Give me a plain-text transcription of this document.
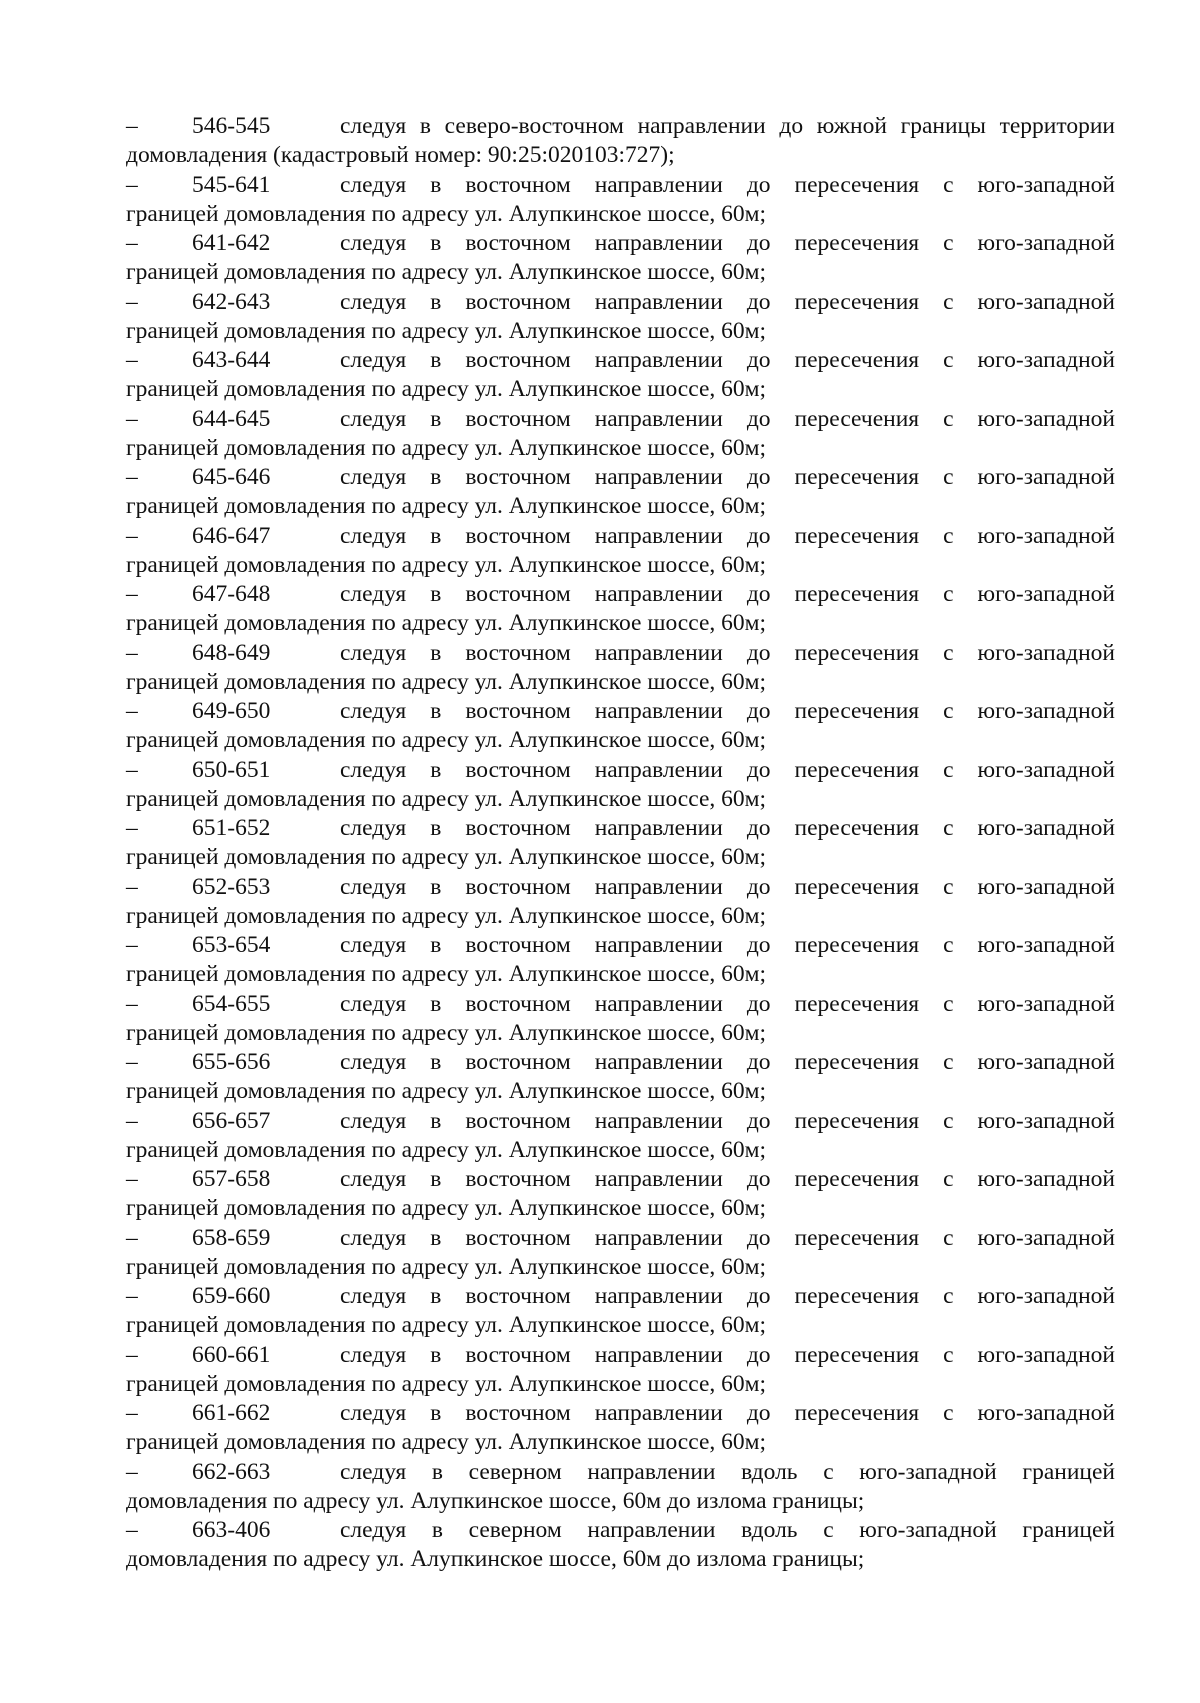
–	546-545	следуя в северо-восточном направлении до южной границы территории
домовладения (кадастровый номер: 90:25:020103:727);
–	545-641	следуя в восточном направлении до пересечения с юго-западной
границей домовладения по адресу ул. Алупкинское шоссе, 60м;
–	641-642	следуя в восточном направлении до пересечения с юго-западной
границей домовладения по адресу ул. Алупкинское шоссе, 60м;
–	642-643	следуя в восточном направлении до пересечения с юго-западной
границей домовладения по адресу ул. Алупкинское шоссе, 60м;
–	643-644	следуя в восточном направлении до пересечения с юго-западной
границей домовладения по адресу ул. Алупкинское шоссе, 60м;
–	644-645	следуя в восточном направлении до пересечения с юго-западной
границей домовладения по адресу ул. Алупкинское шоссе, 60м;
–	645-646	следуя в восточном направлении до пересечения с юго-западной
границей домовладения по адресу ул. Алупкинское шоссе, 60м;
–	646-647	следуя в восточном направлении до пересечения с юго-западной
границей домовладения по адресу ул. Алупкинское шоссе, 60м;
–	647-648	следуя в восточном направлении до пересечения с юго-западной
границей домовладения по адресу ул. Алупкинское шоссе, 60м;
–	648-649	следуя в восточном направлении до пересечения с юго-западной
границей домовладения по адресу ул. Алупкинское шоссе, 60м;
–	649-650	следуя в восточном направлении до пересечения с юго-западной
границей домовладения по адресу ул. Алупкинское шоссе, 60м;
–	650-651	следуя в восточном направлении до пересечения с юго-западной
границей домовладения по адресу ул. Алупкинское шоссе, 60м;
–	651-652	следуя в восточном направлении до пересечения с юго-западной
границей домовладения по адресу ул. Алупкинское шоссе, 60м;
–	652-653	следуя в восточном направлении до пересечения с юго-западной
границей домовладения по адресу ул. Алупкинское шоссе, 60м;
–	653-654	следуя в восточном направлении до пересечения с юго-западной
границей домовладения по адресу ул. Алупкинское шоссе, 60м;
–	654-655	следуя в восточном направлении до пересечения с юго-западной
границей домовладения по адресу ул. Алупкинское шоссе, 60м;
–	655-656	следуя в восточном направлении до пересечения с юго-западной
границей домовладения по адресу ул. Алупкинское шоссе, 60м;
–	656-657	следуя в восточном направлении до пересечения с юго-западной
границей домовладения по адресу ул. Алупкинское шоссе, 60м;
–	657-658	следуя в восточном направлении до пересечения с юго-западной
границей домовладения по адресу ул. Алупкинское шоссе, 60м;
–	658-659	следуя в восточном направлении до пересечения с юго-западной
границей домовладения по адресу ул. Алупкинское шоссе, 60м;
–	659-660	следуя в восточном направлении до пересечения с юго-западной
границей домовладения по адресу ул. Алупкинское шоссе, 60м;
–	660-661	следуя в восточном направлении до пересечения с юго-западной
границей домовладения по адресу ул. Алупкинское шоссе, 60м;
–	661-662	следуя в восточном направлении до пересечения с юго-западной
границей домовладения по адресу ул. Алупкинское шоссе, 60м;
–	662-663	следуя в северном направлении вдоль с юго-западной границей
домовладения по адресу ул. Алупкинское шоссе, 60м до излома границы;
–	663-406	следуя в северном направлении вдоль с юго-западной границей
домовладения по адресу ул. Алупкинское шоссе, 60м до излома границы;
